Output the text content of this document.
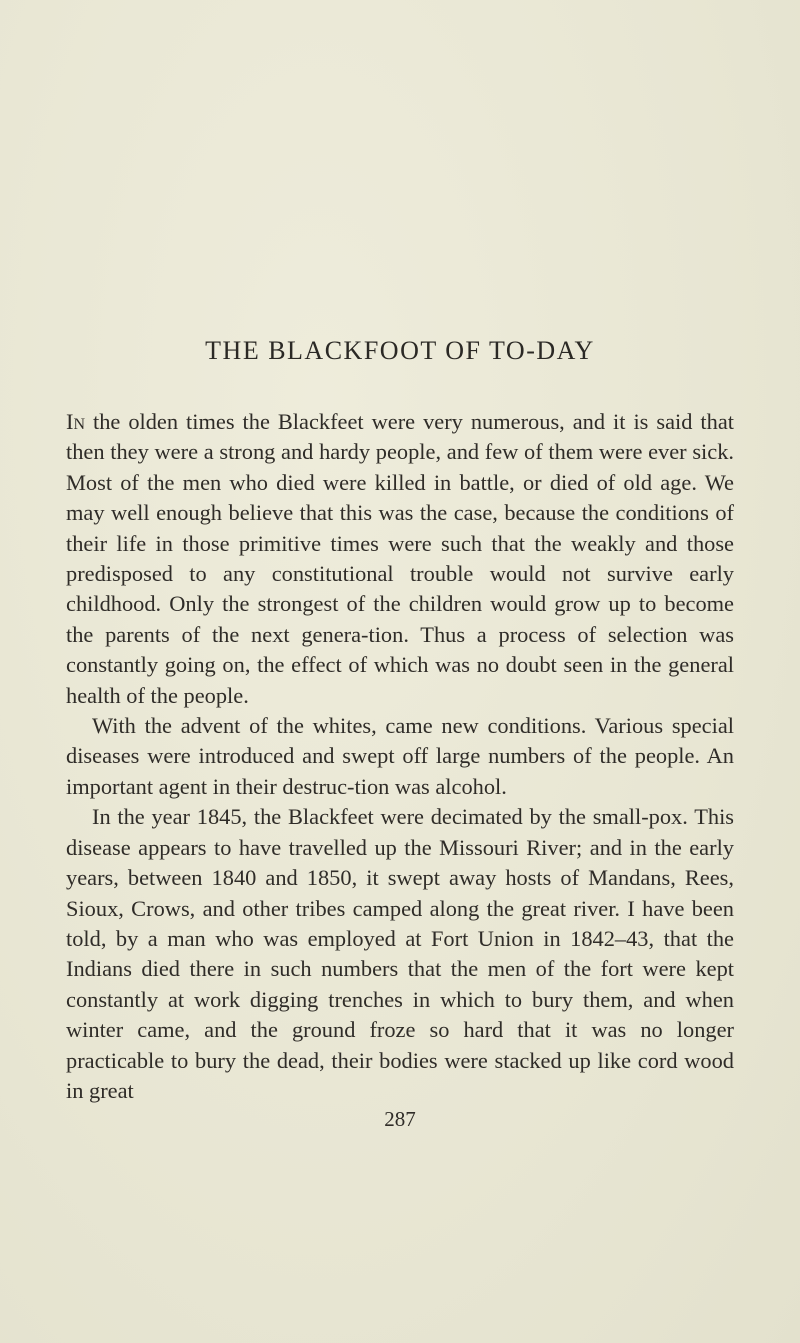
THE BLACKFOOT OF TO-DAY

In the olden times the Blackfeet were very numerous, and it is said that then they were a strong and hardy people, and few of them were ever sick. Most of the men who died were killed in battle, or died of old age. We may well enough believe that this was the case, because the conditions of their life in those primitive times were such that the weakly and those predisposed to any constitutional trouble would not survive early childhood. Only the strongest of the children would grow up to become the parents of the next genera-tion. Thus a process of selection was constantly going on, the effect of which was no doubt seen in the general health of the people.

With the advent of the whites, came new conditions. Various special diseases were introduced and swept off large numbers of the people. An important agent in their destruc-tion was alcohol.

In the year 1845, the Blackfeet were decimated by the small-pox. This disease appears to have travelled up the Missouri River; and in the early years, between 1840 and 1850, it swept away hosts of Mandans, Rees, Sioux, Crows, and other tribes camped along the great river. I have been told, by a man who was employed at Fort Union in 1842–43, that the Indians died there in such numbers that the men of the fort were kept constantly at work digging trenches in which to bury them, and when winter came, and the ground froze so hard that it was no longer practicable to bury the dead, their bodies were stacked up like cord wood in great

287
